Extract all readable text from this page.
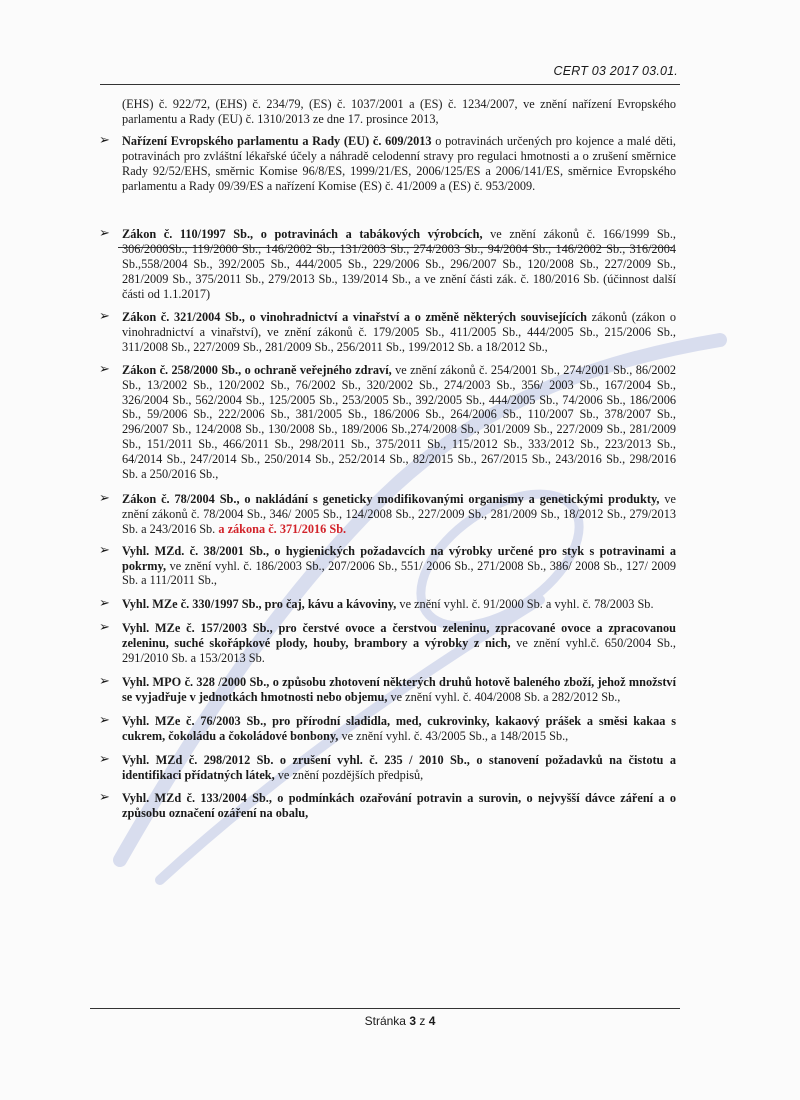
CERT 03 2017 03.01.

(EHS) č. 922/72, (EHS) č. 234/79, (ES) č. 1037/2001 a (ES) č. 1234/2007, ve znění nařízení Evropského parlamentu a Rady (EU) č. 1310/2013 ze dne 17. prosince 2013,

➢ Nařízení Evropského parlamentu a Rady (EU) č. 609/2013 o potravinách určených pro kojence a malé děti, potravinách pro zvláštní lékařské účely a náhradě celodenní stravy pro regulaci hmotnosti a o zrušení směrnice Rady 92/52/EHS, směrnic Komise 96/8/ES, 1999/21/ES, 2006/125/ES a 2006/141/ES, směrnice Evropského parlamentu a Rady 09/39/ES a nařízení Komise (ES) č. 41/2009 a (ES) č. 953/2009.

➢ Zákon č. 110/1997 Sb., o potravinách a tabákových výrobcích, ve znění zákonů č. 166/1999 Sb., 306/2000Sb., 119/2000 Sb., 146/2002 Sb., 131/2003 Sb., 274/2003 Sb., 94/2004 Sb., 146/2002 Sb., 316/2004 Sb.,558/2004 Sb., 392/2005 Sb., 444/2005 Sb., 229/2006 Sb., 296/2007 Sb., 120/2008 Sb., 227/2009 Sb., 281/2009 Sb., 375/2011 Sb., 279/2013 Sb., 139/2014 Sb., a ve znění části zák. č. 180/2016 Sb. (účinnost další části od 1.1.2017)

➢ Zákon č. 321/2004 Sb., o vinohradnictví a vinařství a o změně některých souvisejících zákonů (zákon o vinohradnictví a vinařství), ve znění zákonů č. 179/2005 Sb., 411/2005 Sb., 444/2005 Sb., 215/2006 Sb., 311/2008 Sb., 227/2009 Sb., 281/2009 Sb., 256/2011 Sb., 199/2012 Sb. a 18/2012 Sb.,

➢ Zákon č. 258/2000 Sb., o ochraně veřejného zdraví, ve znění zákonů č. 254/2001 Sb., 274/2001 Sb., 86/2002 Sb., 13/2002 Sb., 120/2002 Sb., 76/2002 Sb., 320/2002 Sb., 274/2003 Sb., 356/ 2003 Sb., 167/2004 Sb., 326/2004 Sb., 562/2004 Sb., 125/2005 Sb., 253/2005 Sb., 392/2005 Sb., 444/2005 Sb., 74/2006 Sb., 186/2006 Sb., 59/2006 Sb., 222/2006 Sb., 381/2005 Sb., 186/2006 Sb., 264/2006 Sb., 110/2007 Sb., 378/2007 Sb., 296/2007 Sb., 124/2008 Sb., 130/2008 Sb., 189/2006 Sb.,274/2008 Sb., 301/2009 Sb., 227/2009 Sb., 281/2009 Sb., 151/2011 Sb., 466/2011 Sb., 298/2011 Sb., 375/2011 Sb., 115/2012 Sb., 333/2012 Sb., 223/2013 Sb., 64/2014 Sb., 247/2014 Sb., 250/2014 Sb., 252/2014 Sb., 82/2015 Sb., 267/2015 Sb., 243/2016 Sb., 298/2016 Sb. a 250/2016 Sb.,

➢ Zákon č. 78/2004 Sb., o nakládání s geneticky modifikovanými organismy a genetickými produkty, ve znění zákonů č. 78/2004 Sb., 346/ 2005 Sb., 124/2008 Sb., 227/2009 Sb., 281/2009 Sb., 18/2012 Sb., 279/2013 Sb. a 243/2016 Sb. a zákona č. 371/2016 Sb.

➢ Vyhl. MZd. č. 38/2001 Sb., o hygienických požadavcích na výrobky určené pro styk s potravinami a pokrmy, ve znění vyhl. č. 186/2003 Sb., 207/2006 Sb., 551/ 2006 Sb., 271/2008 Sb., 386/ 2008 Sb., 127/ 2009 Sb. a 111/2011 Sb.,

➢ Vyhl. MZe č. 330/1997 Sb., pro čaj, kávu a kávoviny, ve znění vyhl. č. 91/2000 Sb. a vyhl. č. 78/2003 Sb.

➢ Vyhl. MZe č. 157/2003 Sb., pro čerstvé ovoce a čerstvou zeleninu, zpracované ovoce a zpracovanou zeleninu, suché skořápkové plody, houby, brambory a výrobky z nich, ve znění vyhl.č. 650/2004 Sb., 291/2010 Sb. a 153/2013 Sb.

➢ Vyhl. MPO č. 328 /2000 Sb., o způsobu zhotovení některých druhů hotově baleného zboží, jehož množství se vyjadřuje v jednotkách hmotnosti nebo objemu, ve znění vyhl. č. 404/2008 Sb. a 282/2012 Sb.,

➢ Vyhl. MZe č. 76/2003 Sb., pro přírodní sladidla, med, cukrovinky, kakaový prášek a směsi kakaa s cukrem, čokoládu a čokoládové bonbony, ve znění vyhl. č. 43/2005 Sb., a 148/2015 Sb.,

➢ Vyhl. MZd č. 298/2012 Sb. o zrušení vyhl. č. 235 / 2010 Sb., o stanovení požadavků na čistotu a identifikaci přídatných látek, ve znění pozdějších předpisů,

➢ Vyhl. MZd č. 133/2004 Sb., o podmínkách ozařování potravin a surovin, o nejvyšší dávce záření a o způsobu označení ozáření na obalu,

Stránka 3 z 4
